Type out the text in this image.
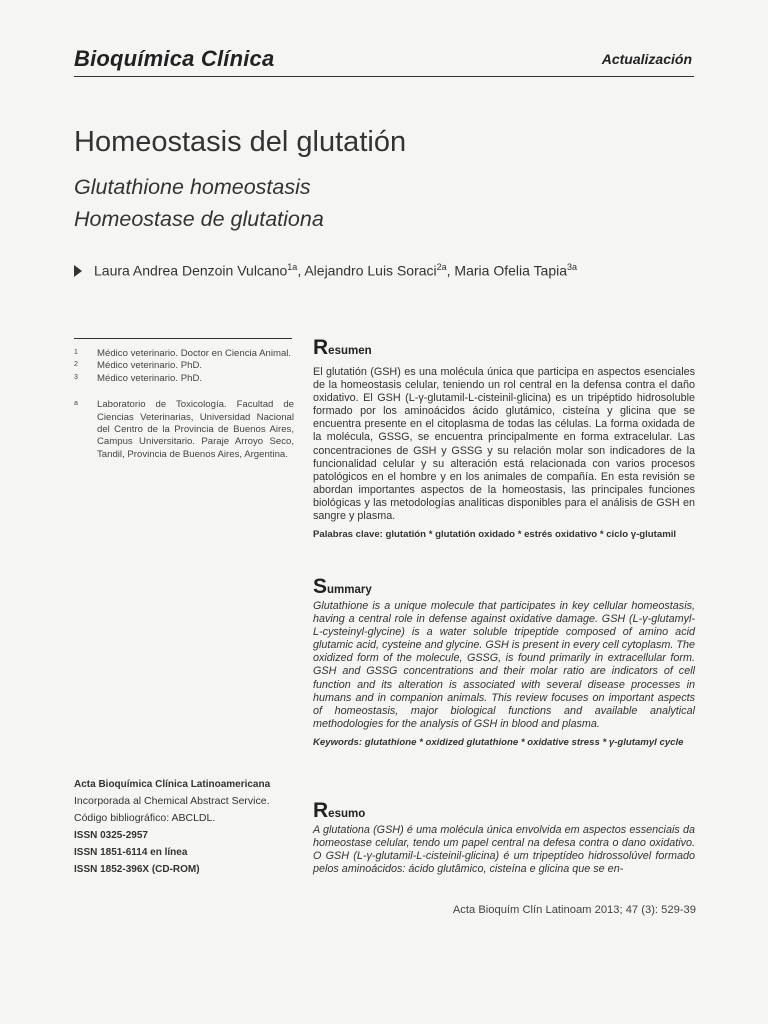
Bioquímica Clínica	Actualización
Homeostasis del glutatión
Glutathione homeostasis
Homeostase de glutationa
Laura Andrea Denzoin Vulcano$^{1a}$, Alejandro Luis Soraci$^{2a}$, Maria Ofelia Tapia$^{3a}$
1	Médico veterinario. Doctor en Ciencia Animal.
2	Médico veterinario. PhD.
3	Médico veterinario. PhD.
a	Laboratorio de Toxicología. Facultad de Ciencias Veterinarias, Universidad Nacional del Centro de la Provincia de Buenos Aires, Campus Universitario. Paraje Arroyo Seco, Tandil, Provincia de Buenos Aires, Argentina.
Acta Bioquímica Clínica Latinoamericana
Incorporada al Chemical Abstract Service.
Código bibliográfico: ABCLDL.
ISSN 0325-2957
ISSN 1851-6114 en línea
ISSN 1852-396X (CD-ROM)
Resumen
El glutatión (GSH) es una molécula única que participa en aspectos esenciales de la homeostasis celular, teniendo un rol central en la defensa contra el daño oxidativo. El GSH (L-γ-glutamil-L-cisteinil-glicina) es un tripéptido hidrosoluble formado por los aminoácidos ácido glutámico, cisteína y glicina que se encuentra presente en el citoplasma de todas las células. La forma oxidada de la molécula, GSSG, se encuentra principalmente en forma extracelular. Las concentraciones de GSH y GSSG y su relación molar son indicadores de la funcionalidad celular y su alteración está relacionada con varios procesos patológicos en el hombre y en los animales de compañía. En esta revisión se abordan importantes aspectos de la homeostasis, las principales funciones biológicas y las metodologías analíticas disponibles para el análisis de GSH en sangre y plasma.
Palabras clave: glutatión * glutatión oxidado * estrés oxidativo * ciclo γ-glutamil
Summary
Glutathione is a unique molecule that participates in key cellular homeostasis, having a central role in defense against oxidative damage. GSH (L-γ-glutamyl-L-cysteinyl-glycine) is a water soluble tripeptide composed of amino acid glutamic acid, cysteine and glycine. GSH is present in every cell cytoplasm. The oxidized form of the molecule, GSSG, is found primarily in extracellular form. GSH and GSSG concentrations and their molar ratio are indicators of cell function and its alteration is associated with several disease processes in humans and in companion animals. This review focuses on important aspects of homeostasis, major biological functions and available analytical methodologies for the analysis of GSH in blood and plasma.
Keywords: glutathione * oxidized glutathione * oxidative stress * γ-glutamyl cycle
Resumo
A glutationa (GSH) é uma molécula única envolvida em aspectos essenciais da homeostase celular, tendo um papel central na defesa contra o dano oxidativo. O GSH (L-γ-glutamil-L-cisteinil-glicina) é um tripeptídeo hidrossolúvel formado pelos aminoácidos: ácido glutâmico, cisteína e glicina que se en-
Acta Bioquím Clín Latinoam 2013; 47 (3): 529-39
